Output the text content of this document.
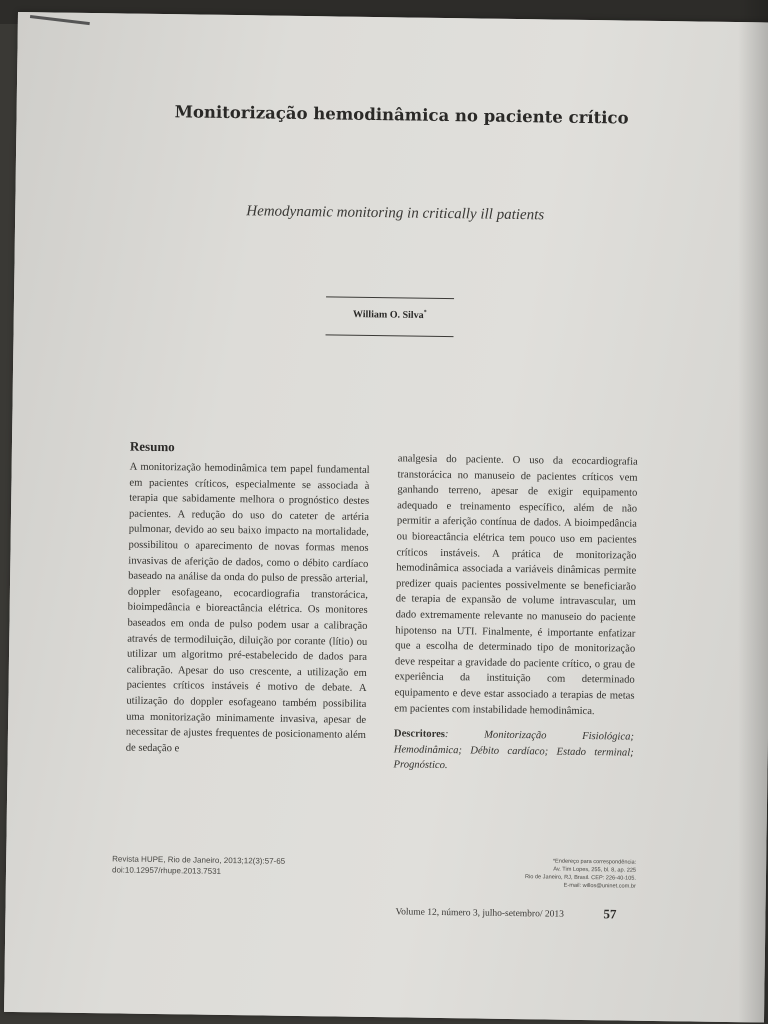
Monitorização hemodinâmica no paciente crítico
Hemodynamic monitoring in critically ill patients
William O. Silva*
Resumo

A monitorização hemodinâmica tem papel fundamental em pacientes críticos, especialmente se associada à terapia que sabidamente melhora o prognóstico destes pacientes. A redução do uso do cateter de artéria pulmonar, devido ao seu baixo impacto na mortalidade, possibilitou o aparecimento de novas formas menos invasivas de aferição de dados, como o débito cardíaco baseado na análise da onda do pulso de pressão arterial, doppler esofageano, ecocardiografia transtorácica, bioimpedância e bioreactância elétrica. Os monitores baseados em onda de pulso podem usar a calibração através de termodiluição, diluição por corante (lítio) ou utilizar um algoritmo pré-estabelecido de dados para calibração. Apesar do uso crescente, a utilização em pacientes críticos instáveis é motivo de debate. A utilização do doppler esofageano também possibilita uma monitorização minimamente invasiva, apesar de necessitar de ajustes frequentes de posicionamento além de sedação e

analgesia do paciente. O uso da ecocardiografia transtorácica no manuseio de pacientes críticos vem ganhando terreno, apesar de exigir equipamento adequado e treinamento específico, além de não permitir a aferição contínua de dados. A bioimpedância ou bioreactância elétrica tem pouco uso em pacientes críticos instáveis. A prática de monitorização hemodinâmica associada a variáveis dinâmicas permite predizer quais pacientes possivelmente se beneficiarão de terapia de expansão de volume intravascular, um dado extremamente relevante no manuseio do paciente hipotenso na UTI. Finalmente, é importante enfatizar que a escolha de determinado tipo de monitorização deve respeitar a gravidade do paciente crítico, o grau de experiência da instituição com determinado equipamento e deve estar associado a terapias de metas em pacientes com instabilidade hemodinâmica.

Descritores: Monitorização Fisiológica; Hemodinâmica; Débito cardíaco; Estado terminal; Prognóstico.

Revista HUPE, Rio de Janeiro, 2013;12(3):57-65
doi:10.12957/rhupe.2013.7531
*Endereço para correspondência:
Av. Tim Lopes, 255, bl. 8, ap. 225
Rio de Janeiro, RJ, Brasil. CEP: 226-40-105.
E-mail: willos@uninet.com.br
Volume 12, número 3, julho-setembro/ 2013	57
